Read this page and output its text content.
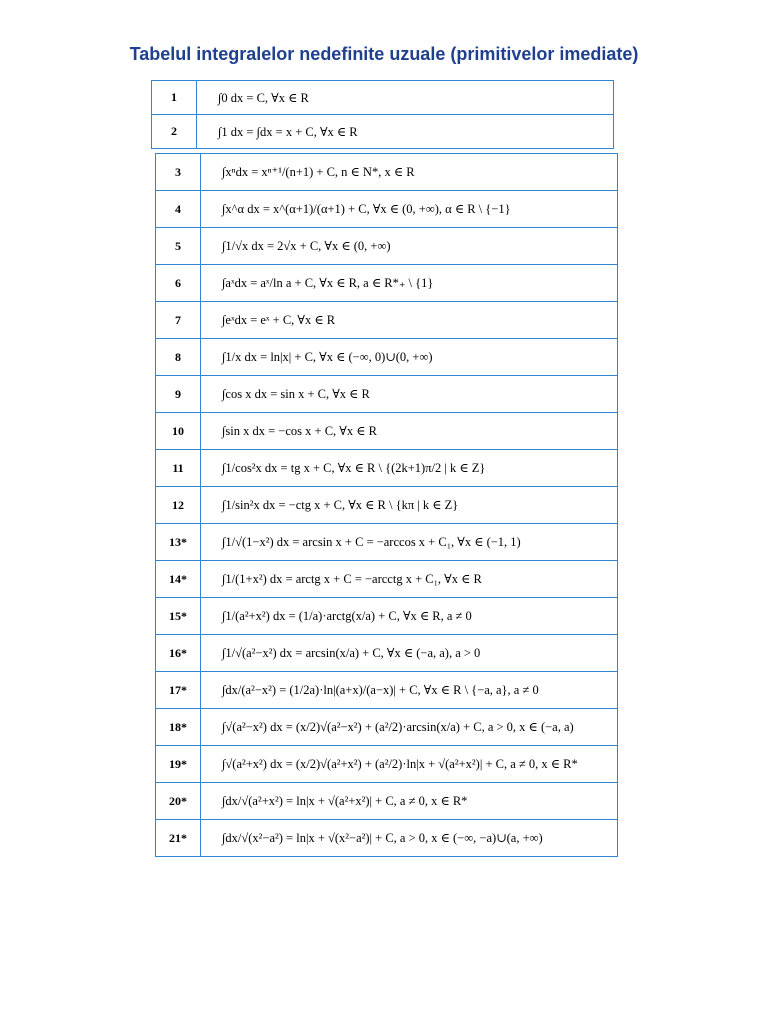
Tabelul integralelor nedefinite uzuale (primitivelor imediate)
1	∫0 dx = C, ∀x ∈ R
2	∫1 dx = ∫dx = x + C, ∀x ∈ R
3	∫xⁿdx = xⁿ⁺¹/(n+1) + C, n ∈ N*, x ∈ R
4	∫x^α dx = x^(α+1)/(α+1) + C, ∀x ∈ (0, +∞), α ∈ R \ {−1}
5	∫1/√x dx = 2√x + C, ∀x ∈ (0, +∞)
6	∫aˣdx = aˣ/ln a + C, ∀x ∈ R, a ∈ R*₊ \ {1}
7	∫eˣdx = eˣ + C, ∀x ∈ R
8	∫1/x dx = ln|x| + C, ∀x ∈ (−∞, 0)∪(0, +∞)
9	∫cos x dx = sin x + C, ∀x ∈ R
10	∫sin x dx = −cos x + C, ∀x ∈ R
11	∫1/cos²x dx = tg x + C, ∀x ∈ R \ {(2k+1)π/2 | k ∈ Z}
12	∫1/sin²x dx = −ctg x + C, ∀x ∈ R \ {kπ | k ∈ Z}
13*	∫1/√(1−x²) dx = arcsin x + C = −arccos x + C₁, ∀x ∈ (−1, 1)
14*	∫1/(1+x²) dx = arctg x + C = −arcctg x + C₁, ∀x ∈ R
15*	∫1/(a²+x²) dx = (1/a)·arctg(x/a) + C, ∀x ∈ R, a ≠ 0
16*	∫1/√(a²−x²) dx = arcsin(x/a) + C, ∀x ∈ (−a, a), a > 0
17*	∫dx/(a²−x²) = (1/2a)·ln|(a+x)/(a−x)| + C, ∀x ∈ R \ {−a, a}, a ≠ 0
18*	∫√(a²−x²) dx = (x/2)√(a²−x²) + (a²/2)·arcsin(x/a) + C, a > 0, x ∈ (−a, a)
19*	∫√(a²+x²) dx = (x/2)√(a²+x²) + (a²/2)·ln|x + √(a²+x²)| + C, a ≠ 0, x ∈ R*
20*	∫dx/√(a²+x²) = ln|x + √(a²+x²)| + C, a ≠ 0, x ∈ R*
21*	∫dx/√(x²−a²) = ln|x + √(x²−a²)| + C, a > 0, x ∈ (−∞, −a)∪(a, +∞)
